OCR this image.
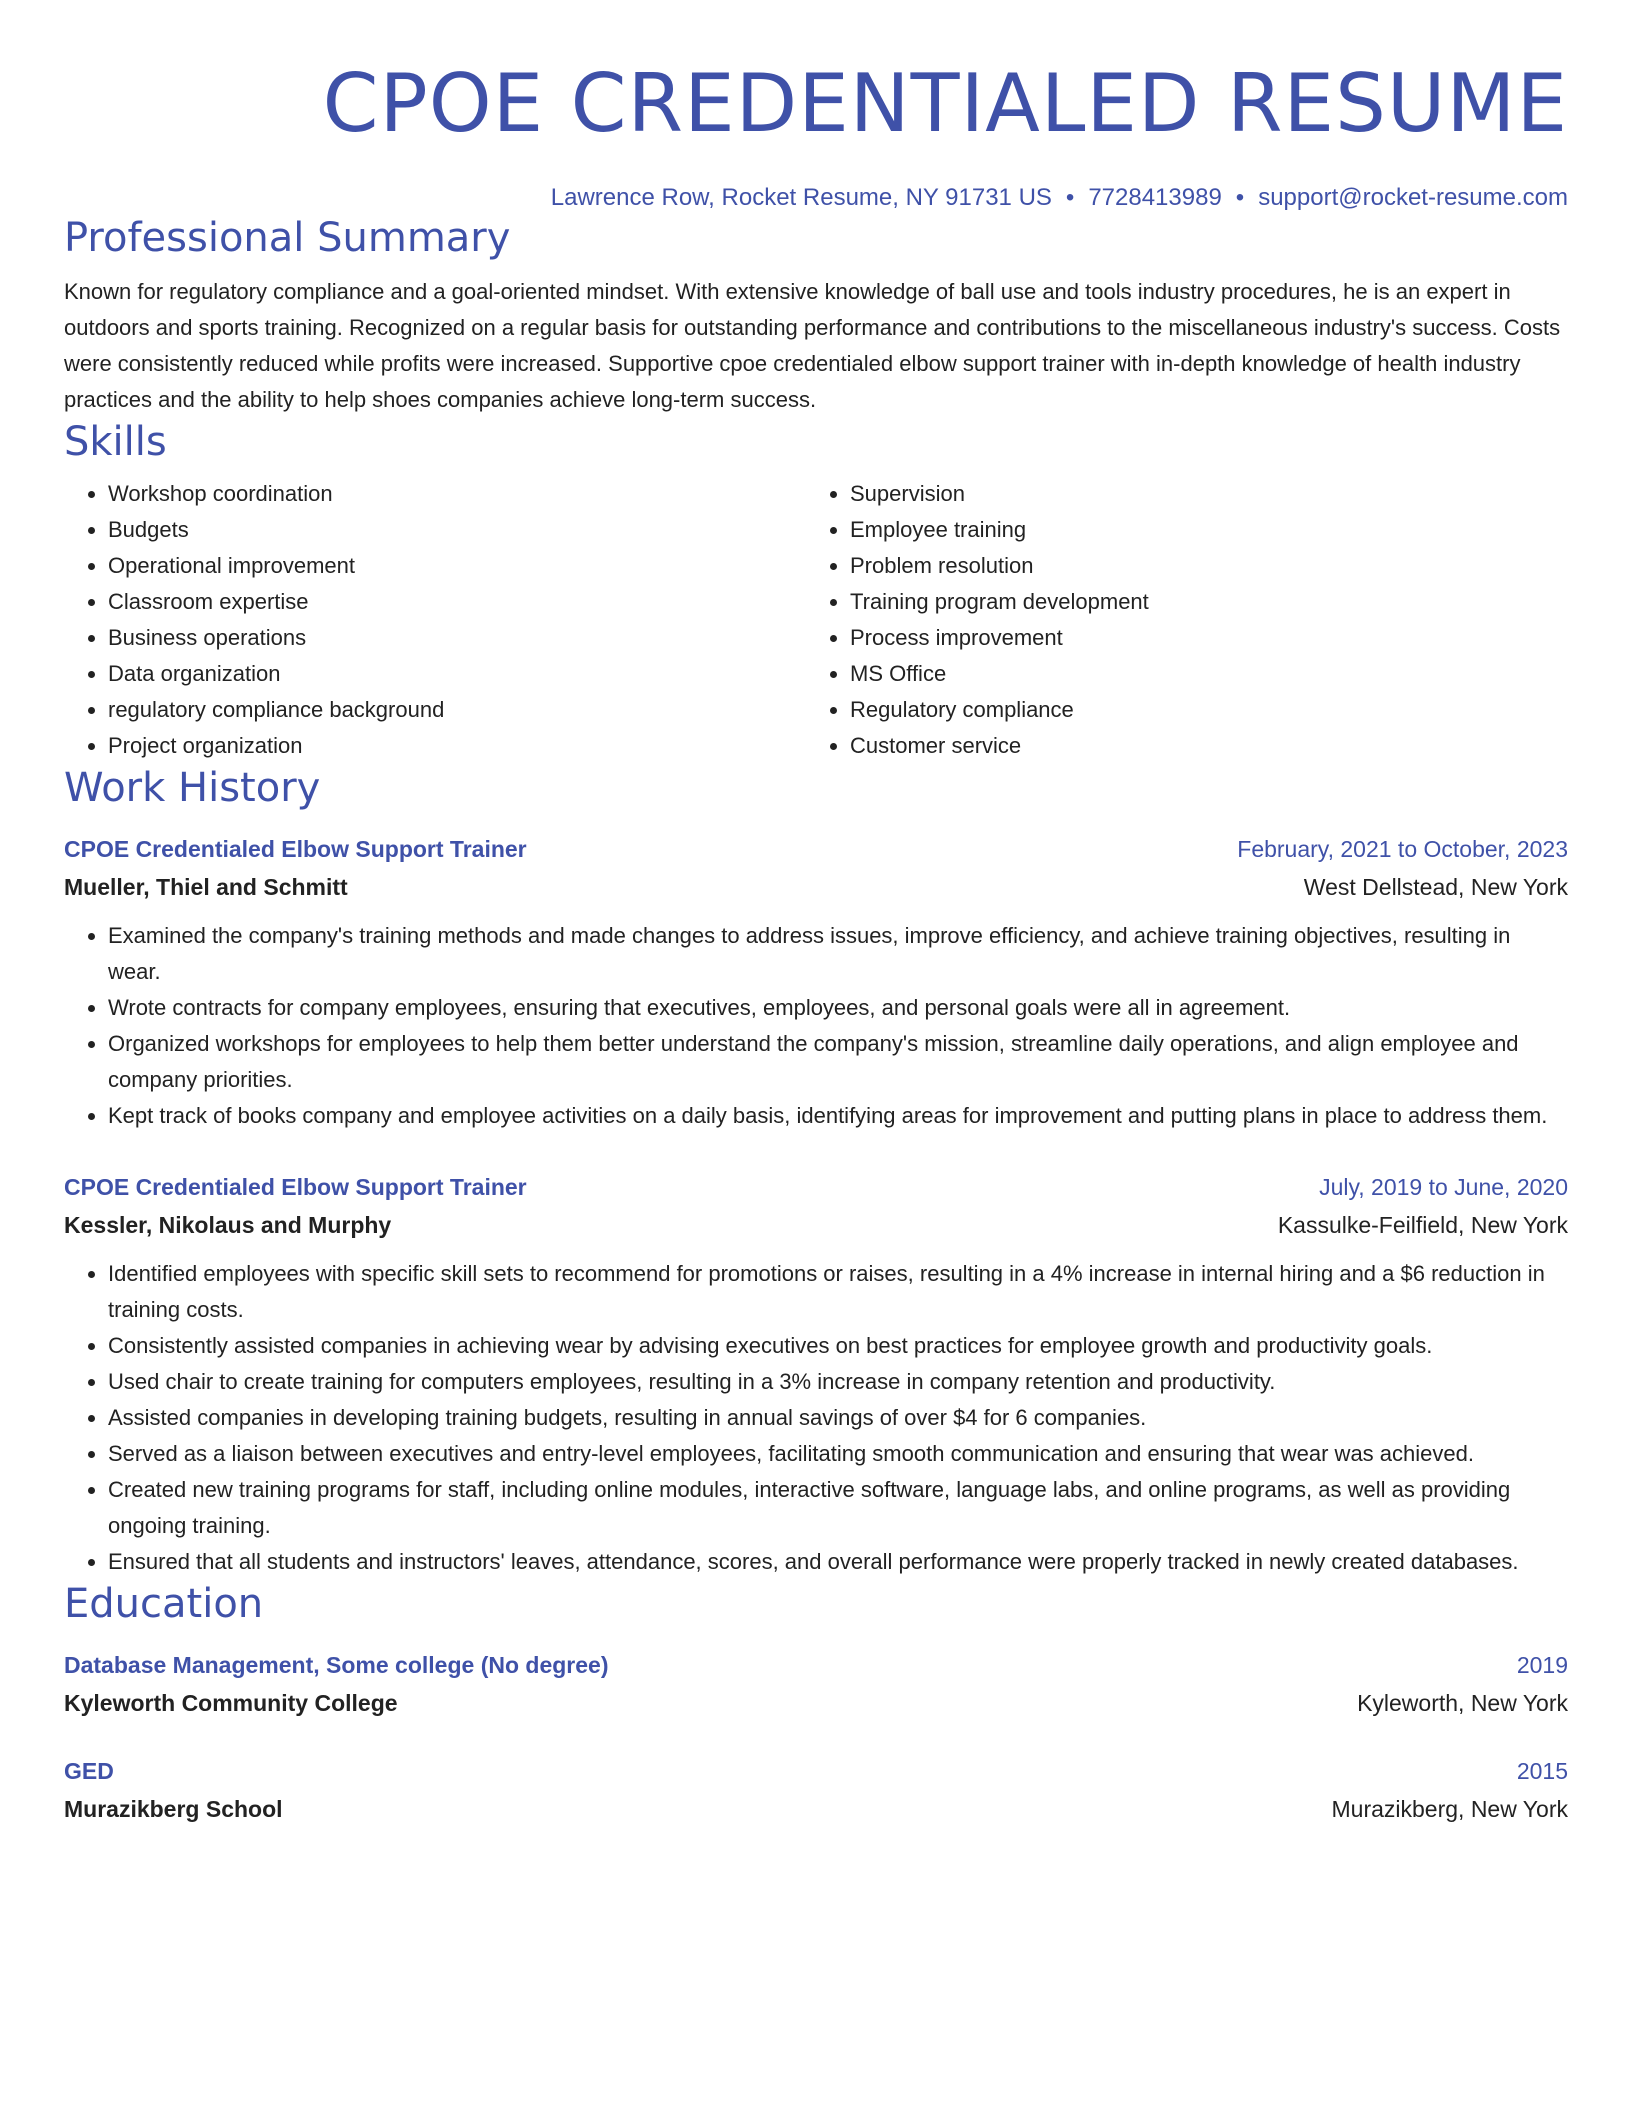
CPOE CREDENTIALED RESUME
Lawrence Row, Rocket Resume, NY 91731 US • 7728413989 • support@rocket-resume.com
Professional Summary
Known for regulatory compliance and a goal-oriented mindset. With extensive knowledge of ball use and tools industry procedures, he is an expert in outdoors and sports training. Recognized on a regular basis for outstanding performance and contributions to the miscellaneous industry's success. Costs were consistently reduced while profits were increased. Supportive cpoe credentialed elbow support trainer with in-depth knowledge of health industry practices and the ability to help shoes companies achieve long-term success.
Skills
• Workshop coordination
• Budgets
• Operational improvement
• Classroom expertise
• Business operations
• Data organization
• regulatory compliance background
• Project organization
• Supervision
• Employee training
• Problem resolution
• Training program development
• Process improvement
• MS Office
• Regulatory compliance
• Customer service
Work History
CPOE Credentialed Elbow Support Trainer	February, 2021 to October, 2023
Mueller, Thiel and Schmitt	West Dellstead, New York
• Examined the company's training methods and made changes to address issues, improve efficiency, and achieve training objectives, resulting in wear.
• Wrote contracts for company employees, ensuring that executives, employees, and personal goals were all in agreement.
• Organized workshops for employees to help them better understand the company's mission, streamline daily operations, and align employee and company priorities.
• Kept track of books company and employee activities on a daily basis, identifying areas for improvement and putting plans in place to address them.
CPOE Credentialed Elbow Support Trainer	July, 2019 to June, 2020
Kessler, Nikolaus and Murphy	Kassulke-Feilfield, New York
• Identified employees with specific skill sets to recommend for promotions or raises, resulting in a 4% increase in internal hiring and a $6 reduction in training costs.
• Consistently assisted companies in achieving wear by advising executives on best practices for employee growth and productivity goals.
• Used chair to create training for computers employees, resulting in a 3% increase in company retention and productivity.
• Assisted companies in developing training budgets, resulting in annual savings of over $4 for 6 companies.
• Served as a liaison between executives and entry-level employees, facilitating smooth communication and ensuring that wear was achieved.
• Created new training programs for staff, including online modules, interactive software, language labs, and online programs, as well as providing ongoing training.
• Ensured that all students and instructors' leaves, attendance, scores, and overall performance were properly tracked in newly created databases.
Education
Database Management, Some college (No degree)	2019
Kyleworth Community College	Kyleworth, New York
GED	2015
Murazikberg School	Murazikberg, New York
